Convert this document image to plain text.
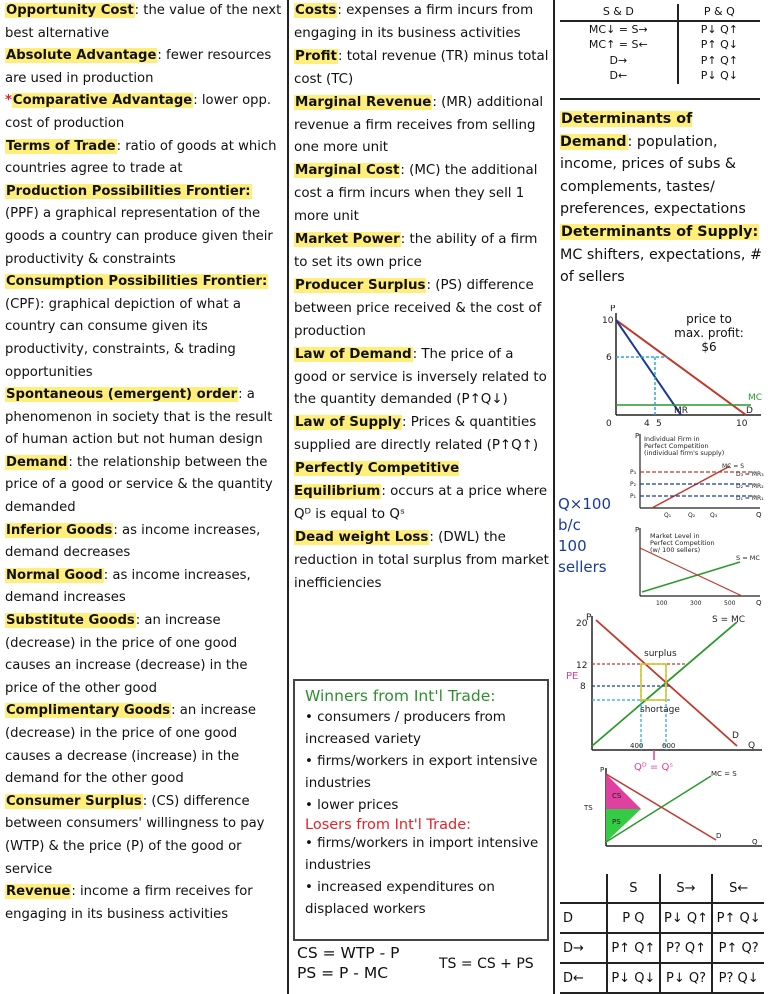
Opportunity Cost: the value of the next best alternative

Absolute Advantage: fewer resources are used in production

*Comparative Advantage: lower opp. cost of production

Terms of Trade: ratio of goods at which countries agree to trade at

Production Possibilities Frontier:(PPF) a graphical representation of the goods a country can produce given their productivity & constraints

Consumption Possibilities Frontier:(CPF): graphical depiction of what a country can consume given its productivity, constraints, & trading opportunities

Spontaneous (emergent) order: a phenomenon in society that is the result of human action but not human design

Demand: the relationship between the price of a good or service & the quantity demanded

Inferior Goods: as income increases, demand decreases

Normal Good: as income increases, demand increases

Substitute Goods: an increase (decrease) in the price of one good causes an increase (decrease) in the price of the other good

Complimentary Goods: an increase (decrease) in the price of one good causes a decrease (increase) in the demand for the other good

Consumer Surplus: (CS) difference between consumers' willingness to pay (WTP) & the price (P) of the good or service

Revenue: income a firm receives for engaging in its business activities

Costs: expenses a firm incurs from engaging in its business activities

Profit: total revenue (TR) minus total cost (TC)

Marginal Revenue: (MR) additional revenue a firm receives from selling one more unit

Marginal Cost: (MC) the additional cost a firm incurs when they sell 1 more unit

Market Power: the ability of a firm to set its own price

Producer Surplus: (PS) difference between price received & the cost of production

Law of Demand: The price of a good or service is inversely related to the quantity demanded (P↑Q↓)

Law of Supply: Prices & quantities supplied are directly related (P↑Q↑)

Perfectly Competitive Equilibrium: occurs at a price where Qᴰ is equal to Qˢ

Dead weight Loss: (DWL) the reduction in total surplus from market inefficiencies

Winners from Int'l Trade:
• consumers / producers from increased variety
• firms/workers in export intensive industries
• lower prices
Losers from Int'l Trade:
• firms/workers in import intensive industries
• increased expenditures on displaced workers
CS = WTP - P
PS = P - MC	TS = CS + PS
S & D	P & Q
MC↓ = S→	P↓ Q↑
MC↑ = S←	P↑ Q↓
D→	P↑ Q↑
D←	P↓ Q↓

Determinants of Demand: population, income, prices of subs & complements, tastes/ preferences, expectations

Determinants of Supply: MC shifters, expectations, # of sellers

P
10
6
0	4 5	10
MC
MR	D
price to max. profit: $6
Q×100
b/c
100
sellers
Individual Firm in
Perfect Competition
(individual firm's supply)
P
P₃
P₂
P₁
MC = S
D₃ = MR₃
D₂ = MR₂
D₁ = MR₁
Q₁	Q₂ Q₃	Q
Market Level in
Perfect Competition
(w/ 100 sellers)
P
S = MC
100	300	500	Q
P
20
12
PE
8
S = MC
surplus
shortage
D
Q
400	600
Qᴰ = Qˢ
P	MC = S
CS
PS
TS
D
Q
	S	S→	S←
D	P Q	P↓ Q↑	P↑ Q↓
D→	P↑ Q↑	P? Q↑	P↑ Q?
D←	P↓ Q↓	P↓ Q?	P? Q↓
